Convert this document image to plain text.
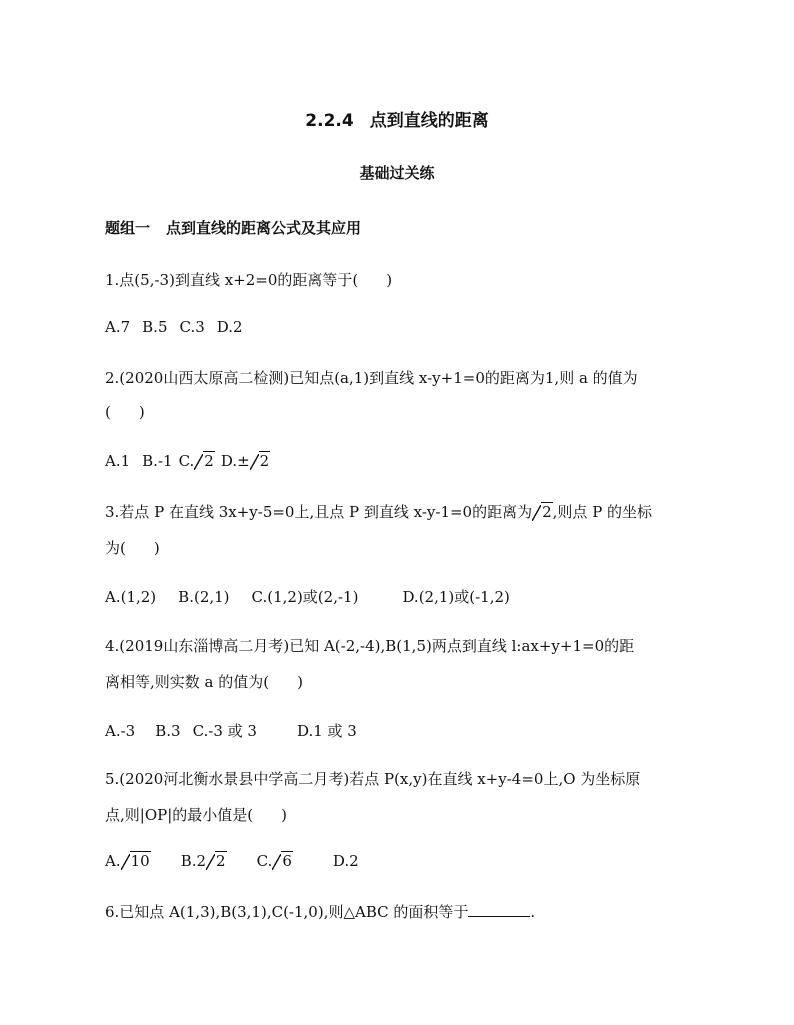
2.2.4 点到直线的距离
基础过关练
题组一 点到直线的距离公式及其应用
1.点(5,-3)到直线 x+2=0的距离等于( )
A.7 B.5 C.3 D.2
2.(2020山西太原高二检测)已知点(a,1)到直线 x-y+1=0的距离为1,则 a 的值为
( )
A.1 B.-1 C. 2 D.± 2
3.若点 P 在直线 3x+y-5=0上,且点 P 到直线 x-y-1=0的距离为 2,则点 P 的坐标
为( )
A.(1,2) B.(2,1) C.(1,2)或(2,-1)	D.(2,1)或(-1,2)
4.(2019山东淄博高二月考)已知 A(-2,-4),B(1,5)两点到直线 l:ax+y+1=0的距
离相等,则实数 a 的值为( )
A.-3 B.3 C.-3 或 3	D.1 或 3
5.(2020河北衡水景县中学高二月考)若点 P(x,y)在直线 x+y-4=0上,O 为坐标原
点,则|OP|的最小值是( )
A. 10 B.2 2 C. 6	D.2
6.已知点 A(1,3),B(3,1),C(-1,0),则△ABC 的面积等于	.
